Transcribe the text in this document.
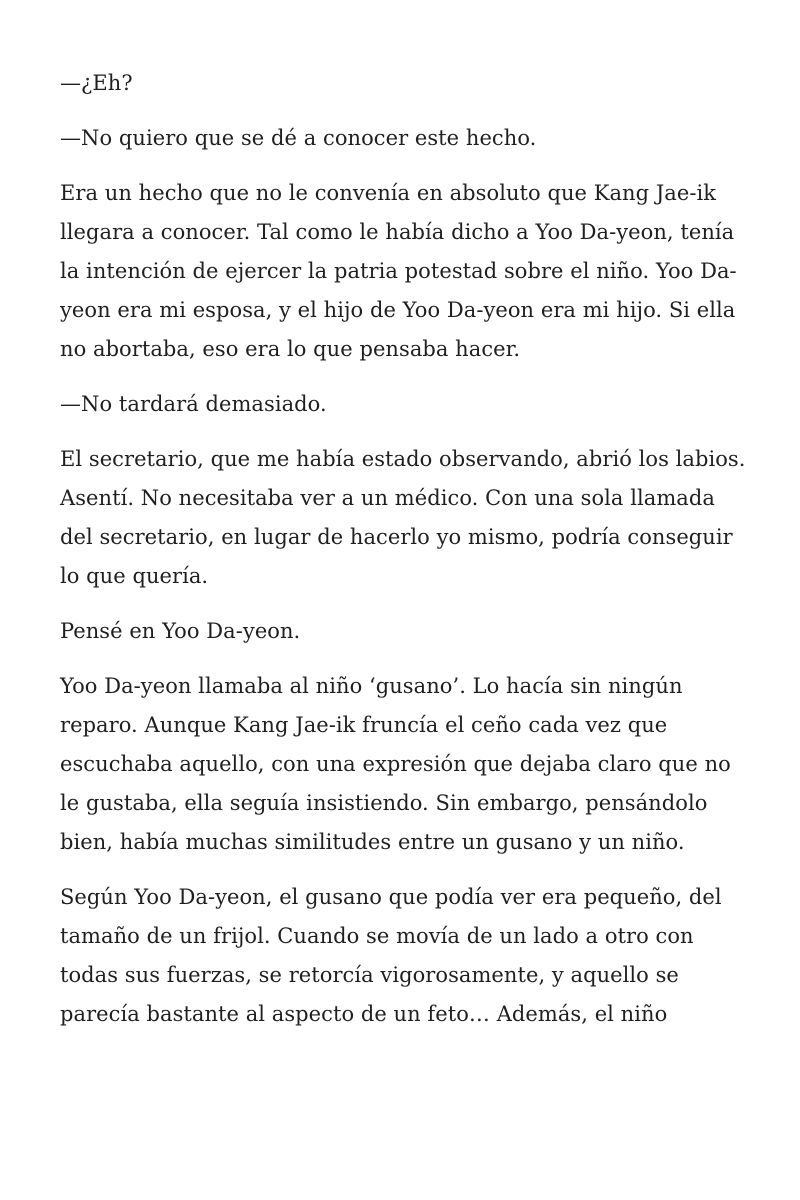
—¿Eh?

—No quiero que se dé a conocer este hecho.

Era un hecho que no le convenía en absoluto que Kang Jae-ik llegara a conocer. Tal como le había dicho a Yoo Da-yeon, tenía la intención de ejercer la patria potestad sobre el niño. Yoo Da-yeon era mi esposa, y el hijo de Yoo Da-yeon era mi hijo. Si ella no abortaba, eso era lo que pensaba hacer.

—No tardará demasiado.

El secretario, que me había estado observando, abrió los labios. Asentí. No necesitaba ver a un médico. Con una sola llamada del secretario, en lugar de hacerlo yo mismo, podría conseguir lo que quería.

Pensé en Yoo Da-yeon.

Yoo Da-yeon llamaba al niño ‘gusano’. Lo hacía sin ningún reparo. Aunque Kang Jae-ik fruncía el ceño cada vez que escuchaba aquello, con una expresión que dejaba claro que no le gustaba, ella seguía insistiendo. Sin embargo, pensándolo bien, había muchas similitudes entre un gusano y un niño.

Según Yoo Da-yeon, el gusano que podía ver era pequeño, del tamaño de un frijol. Cuando se movía de un lado a otro con todas sus fuerzas, se retorcía vigorosamente, y aquello se parecía bastante al aspecto de un feto… Además, el niño
